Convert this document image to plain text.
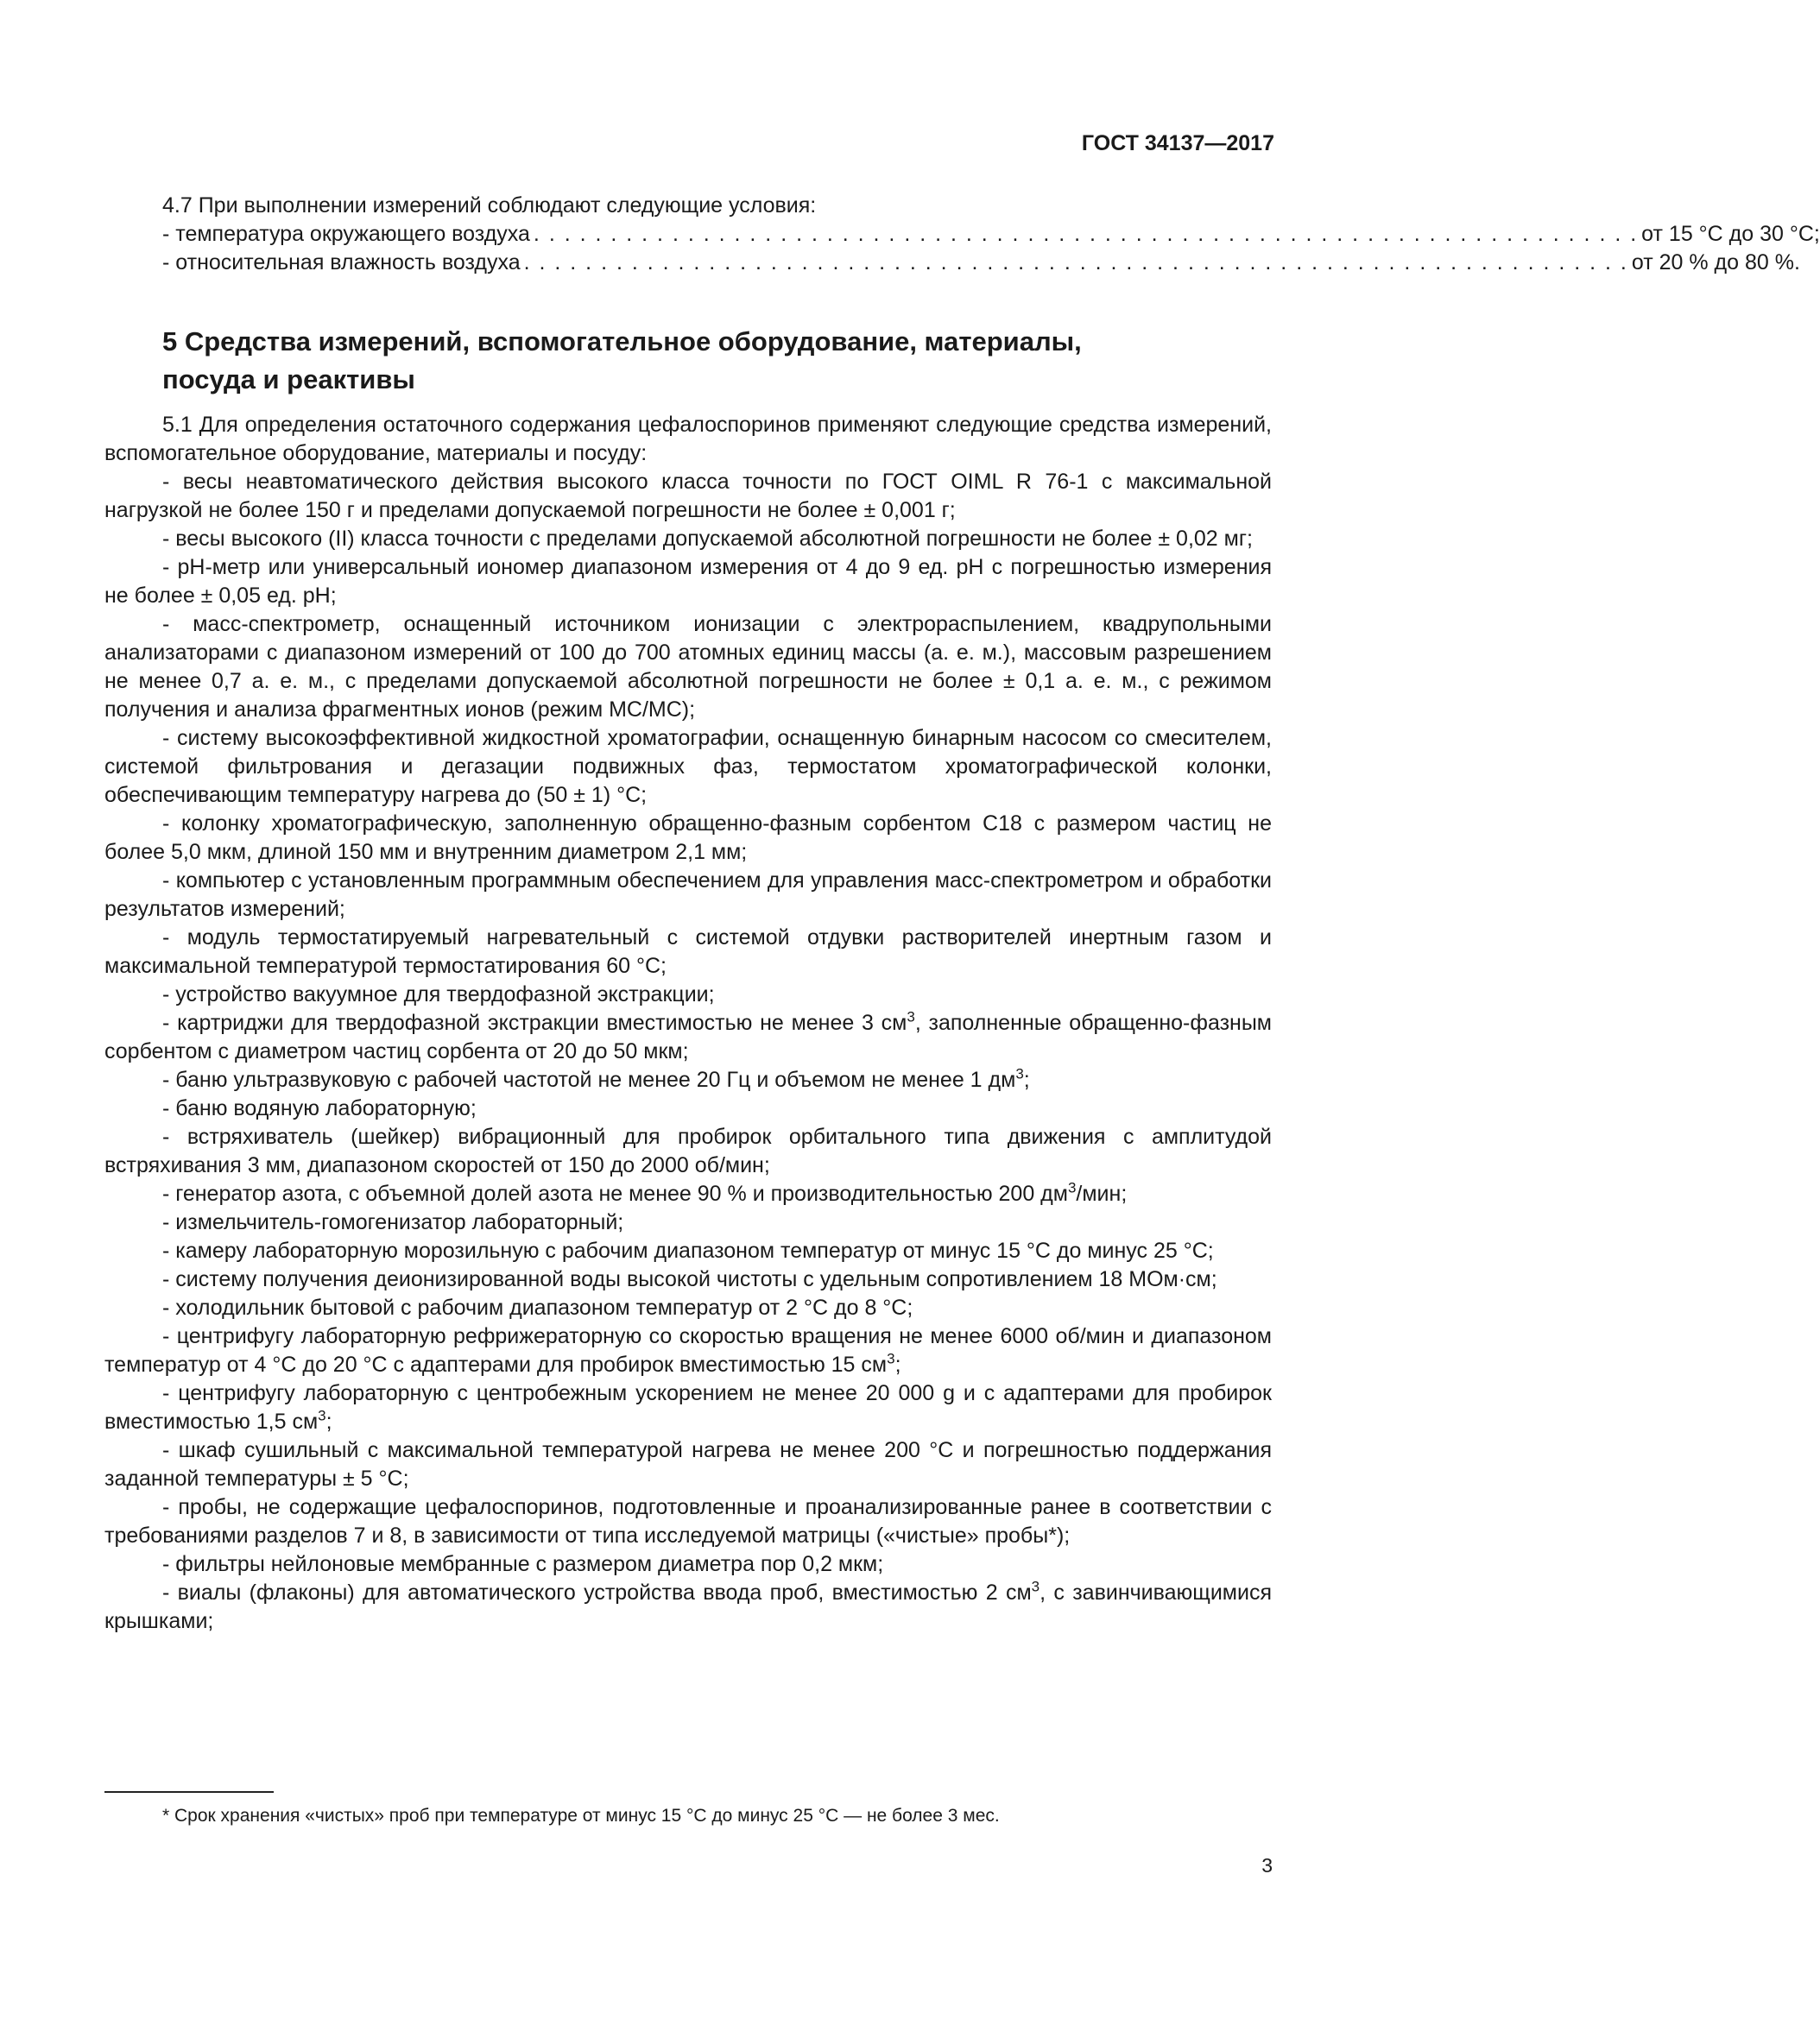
ГОСТ 34137—2017

4.7 При выполнении измерений соблюдают следующие условия:

- температура окружающего воздуха . . . . . . . . . . . . . . . . . . . . . . . . . . . . . . . . . . . . . . . . . . . . . . . . . . . . . . . . . . . . . . . . . . . . . . . . от 15 °С до 30 °С;
- относительная влажность воздуха . . . . . . . . . . . . . . . . . . . . . . . . . . . . . . . . . . . . . . . . . . . . . . . . . . . . . . . . . . . . . . . . . . . . . . . . от 20 % до 80 %.
5 Средства измерений, вспомогательное оборудование, материалы,
посуда и реактивы

5.1 Для определения остаточного содержания цефалоспоринов применяют следующие средства измерений, вспомогательное оборудование, материалы и посуду:

- весы неавтоматического действия высокого класса точности по ГОСТ OIML R 76-1 с максимальной нагрузкой не более 150 г и пределами допускаемой погрешности не более ± 0,001 г;

- весы высокого (II) класса точности с пределами допускаемой абсолютной погрешности не более ± 0,02 мг;

- рН-метр или универсальный иономер диапазоном измерения от 4 до 9 ед. рН с погрешностью измерения не более ± 0,05 ед. рН;

- масс-спектрометр, оснащенный источником ионизации с электрораспылением, квадрупольными анализаторами с диапазоном измерений от 100 до 700 атомных единиц массы (а. е. м.), массовым разрешением не менее 0,7 а. е. м., с пределами допускаемой абсолютной погрешности не более ± 0,1 а. е. м., с режимом получения и анализа фрагментных ионов (режим МС/МС);

- систему высокоэффективной жидкостной хроматографии, оснащенную бинарным насосом со смесителем, системой фильтрования и дегазации подвижных фаз, термостатом хроматографической колонки, обеспечивающим температуру нагрева до (50 ± 1) °С;

- колонку хроматографическую, заполненную обращенно-фазным сорбентом С18 с размером частиц не более 5,0 мкм, длиной 150 мм и внутренним диаметром 2,1 мм;

- компьютер с установленным программным обеспечением для управления масс-спектрометром и обработки результатов измерений;

- модуль термостатируемый нагревательный с системой отдувки растворителей инертным газом и максимальной температурой термостатирования 60 °С;

- устройство вакуумное для твердофазной экстракции;

- картриджи для твердофазной экстракции вместимостью не менее 3 $см^3$, заполненные обращенно-фазным сорбентом с диаметром частиц сорбента от 20 до 50 мкм;

- баню ультразвуковую с рабочей частотой не менее 20 Гц и объемом не менее 1 $дм^3$;

- баню водяную лабораторную;

- встряхиватель (шейкер) вибрационный для пробирок орбитального типа движения с амплитудой встряхивания 3 мм, диапазоном скоростей от 150 до 2000 об/мин;

- генератор азота, с объемной долей азота не менее 90 % и производительностью 200 $дм^3$/мин;

- измельчитель-гомогенизатор лабораторный;

- камеру лабораторную морозильную с рабочим диапазоном температур от минус 15 °С до минус 25 °С;

- систему получения деионизированной воды высокой чистоты с удельным сопротивлением 18 МОм·см;

- холодильник бытовой с рабочим диапазоном температур от 2 °С до 8 °С;

- центрифугу лабораторную рефрижераторную со скоростью вращения не менее 6000 об/мин и диапазоном температур от 4 °С до 20 °С с адаптерами для пробирок вместимостью 15 $см^3$;

- центрифугу лабораторную с центробежным ускорением не менее 20 000 g и с адаптерами для пробирок вместимостью 1,5 $см^3$;

- шкаф сушильный с максимальной температурой нагрева не менее 200 °С и погрешностью поддержания заданной температуры ± 5 °С;

- пробы, не содержащие цефалоспоринов, подготовленные и проанализированные ранее в соответствии с требованиями разделов 7 и 8, в зависимости от типа исследуемой матрицы («чистые» пробы*);

- фильтры нейлоновые мембранные с размером диаметра пор 0,2 мкм;

- виалы (флаконы) для автоматического устройства ввода проб, вместимостью 2 $см^3$, с завинчивающимися крышками;

* Срок хранения «чистых» проб при температуре от минус 15 °С до минус 25 °С — не более 3 мес.

3
